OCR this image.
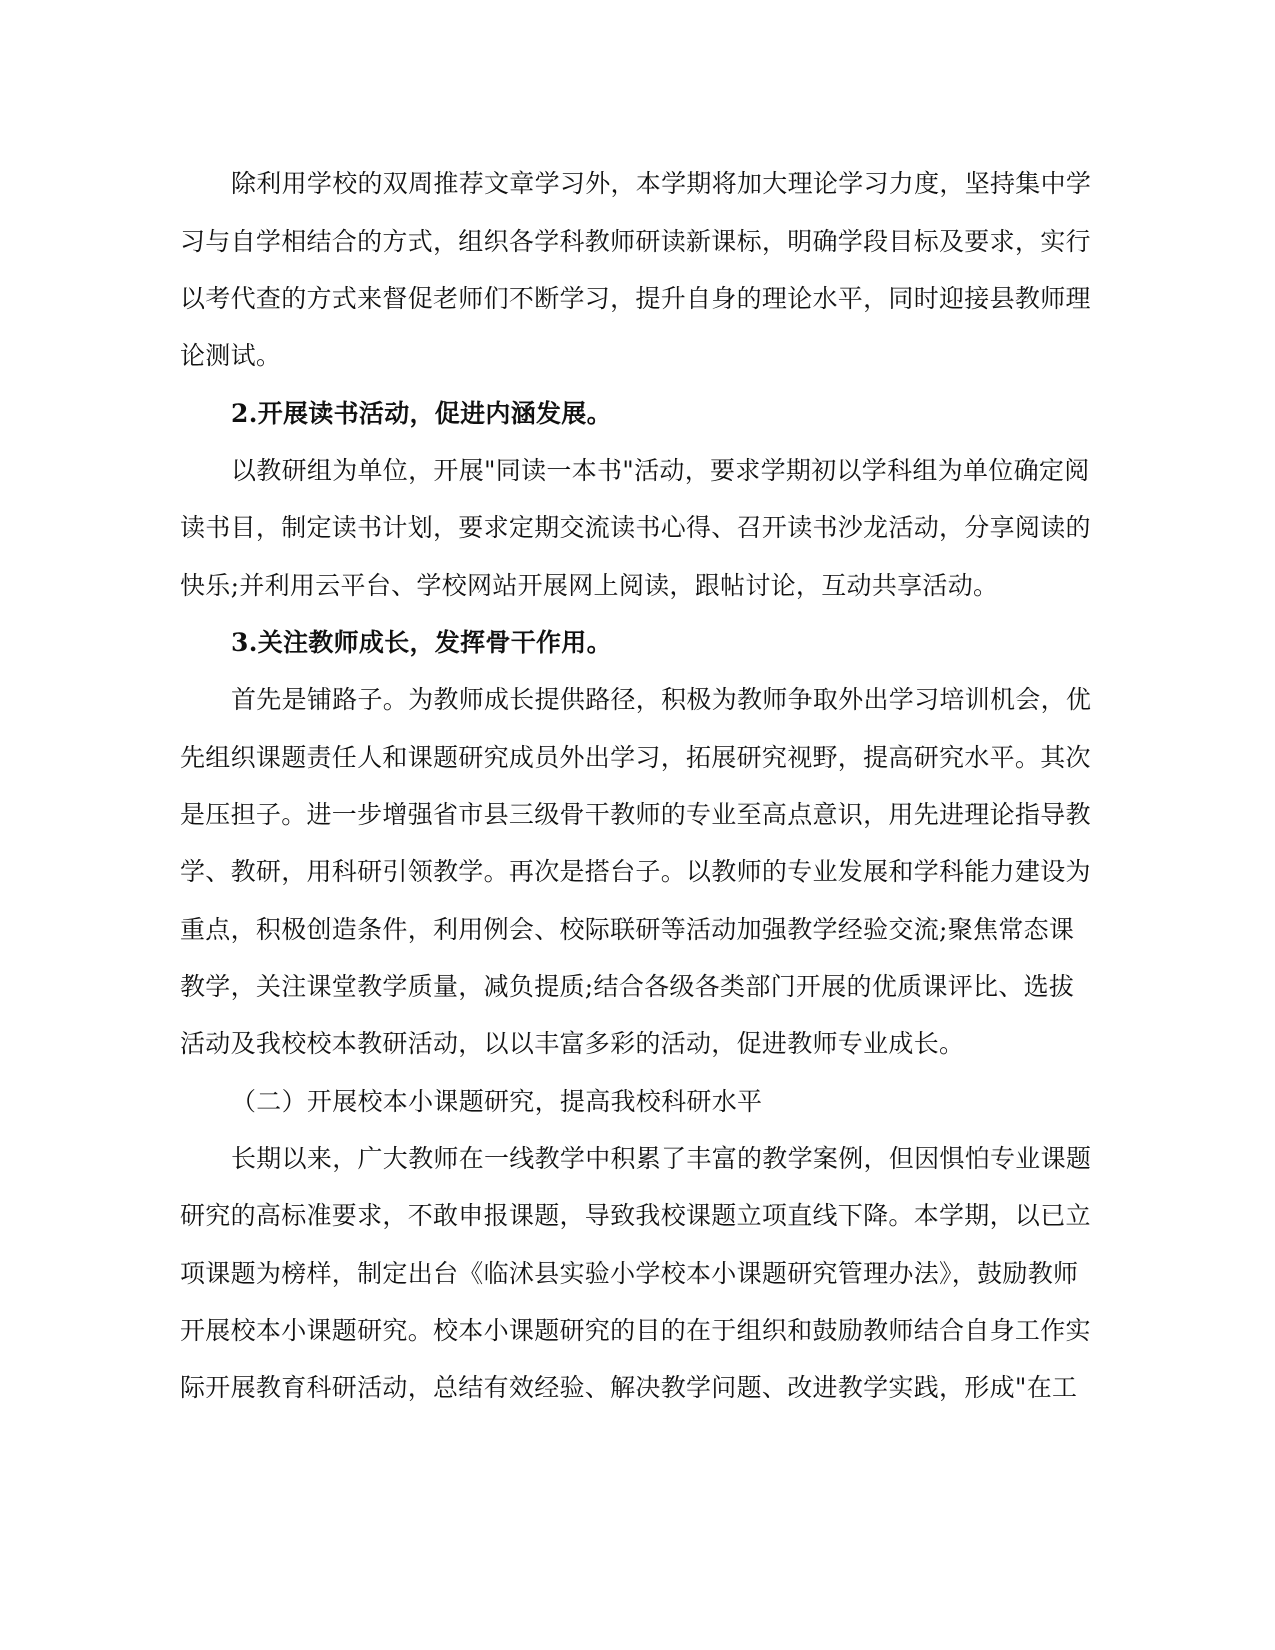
除利用学校的双周推荐文章学习外，本学期将加大理论学习力度，坚持集中学
习与自学相结合的方式，组织各学科教师研读新课标，明确学段目标及要求，实行
以考代查的方式来督促老师们不断学习，提升自身的理论水平，同时迎接县教师理
论测试。
2.开展读书活动，促进内涵发展。
以教研组为单位，开展"同读一本书"活动，要求学期初以学科组为单位确定阅
读书目，制定读书计划，要求定期交流读书心得、召开读书沙龙活动，分享阅读的
快乐;并利用云平台、学校网站开展网上阅读，跟帖讨论，互动共享活动。
3.关注教师成长，发挥骨干作用。
首先是铺路子。为教师成长提供路径，积极为教师争取外出学习培训机会，优
先组织课题责任人和课题研究成员外出学习，拓展研究视野，提高研究水平。其次
是压担子。进一步增强省市县三级骨干教师的专业至高点意识，用先进理论指导教
学、教研，用科研引领教学。再次是搭台子。以教师的专业发展和学科能力建设为
重点，积极创造条件，利用例会、校际联研等活动加强教学经验交流;聚焦常态课
教学，关注课堂教学质量，减负提质;结合各级各类部门开展的优质课评比、选拔
活动及我校校本教研活动，以以丰富多彩的活动，促进教师专业成长。
（二）开展校本小课题研究，提高我校科研水平
长期以来，广大教师在一线教学中积累了丰富的教学案例，但因惧怕专业课题
研究的高标准要求，不敢申报课题，导致我校课题立项直线下降。本学期，以已立
项课题为榜样，制定出台《临沭县实验小学校本小课题研究管理办法》，鼓励教师
开展校本小课题研究。校本小课题研究的目的在于组织和鼓励教师结合自身工作实
际开展教育科研活动，总结有效经验、解决教学问题、改进教学实践，形成"在工
